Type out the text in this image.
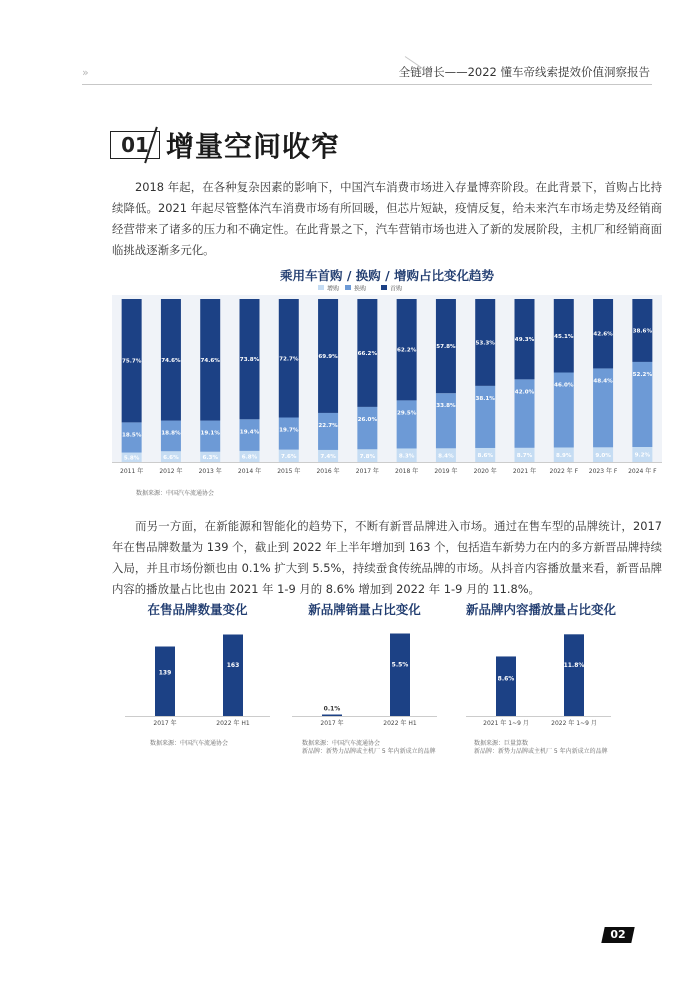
»	全链增长——2022 懂车帝线索提效价值洞察报告
01 增量空间收窄
　　2018 年起，在各种复杂因素的影响下，中国汽车消费市场进入存量博弈阶段。在此背景下，首购占比持续降低。2021 年起尽管整体汽车消费市场有所回暖，但芯片短缺，疫情反复，给未来汽车市场走势及经销商经营带来了诸多的压力和不确定性。在此背景之下，汽车营销市场也进入了新的发展阶段，主机厂和经销商面临挑战逐渐多元化。
乘用车首购 / 换购 / 增购占比变化趋势
增购 换购	首购
5.8%
18.5%
75.7%
2011 年
6.6%
18.8%
74.6%
2012 年
6.3%
19.1%
74.6%
2013 年
6.8%
19.4%
73.8%
2014 年
7.6%
19.7%
72.7%
2015 年
7.4%
22.7%
69.9%
2016 年
7.8%
26.0%
66.2%
2017 年
8.3%
29.5%
62.2%
2018 年
8.4%
33.8%
57.8%
2019 年
8.6%
38.1%
53.3%
2020 年
8.7%
42.0%
49.3%
2021 年
8.9%
46.0%
45.1%
2022 年 F
9.0%
48.4%
42.6%
2023 年 F
9.2%
52.2%
38.6%
2024 年 F
数据来源：中国汽车流通协会
　　而另一方面，在新能源和智能化的趋势下，不断有新晋品牌进入市场。通过在售车型的品牌统计，2017 年在售品牌数量为 139 个，截止到 2022 年上半年增加到 163 个，包括造车新势力在内的多方新晋品牌持续入局，并且市场份额也由 0.1% 扩大到 5.5%，持续蚕食传统品牌的市场。从抖音内容播放量来看，新晋品牌内容的播放量占比也由 2021 年 1-9 月的 8.6% 增加到 2022 年 1-9 月的 11.8%。
在售品牌数量变化	新品牌销量占比变化	新品牌内容播放量占比变化
139
2017 年
163
2022 年 H1
0.1%
2017 年
5.5%
2022 年 H1
8.6%
2021 年 1~9 月
11.8%
2022 年 1~9 月
数据来源：中国汽车流通协会	数据来源：中国汽车流通协会
新品牌：新势力品牌或主机厂 5 年内新成立的品牌
数据来源：巨量算数
新品牌：新势力品牌或主机厂 5 年内新成立的品牌
02
